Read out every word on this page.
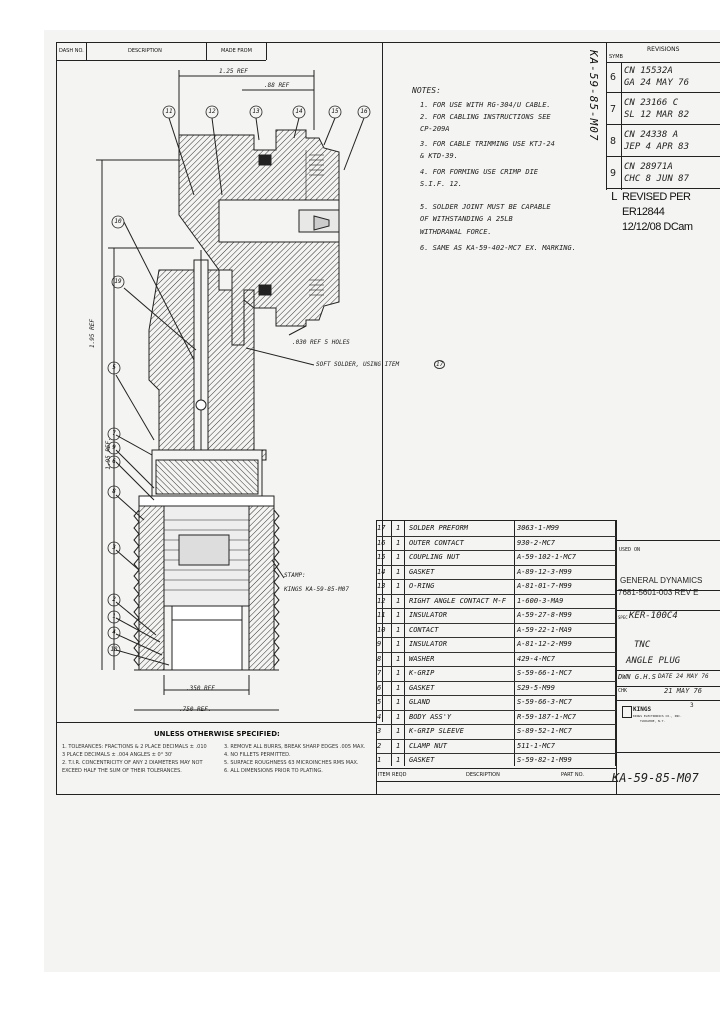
DASH NO.	DESCRIPTION	MADE FROM	KA-59-85-M07
REVISIONS
SYMB
6
CN 15532A
GA 24 MAY 76
7
CN 23166 C
SL 12 MAR 82
8
CN 24338 A
JEP 4 APR 83
9
CN 28971A
CHC 8 JUN 87
L REVISED PER
ER12844
12/12/08 DCam
NOTES:
1. FOR USE WITH RG-304/U CABLE.
2. FOR CABLING INSTRUCTIONS SEE
CP-209A
3. FOR CABLE TRIMMING USE KTJ-24
& KTD-39.
4. FOR FORMING USE CRIMP DIE
S.I.F. 12.
5. SOLDER JOINT MUST BE CAPABLE
OF WITHSTANDING A 25LB
WITHDRAWAL FORCE.
6. SAME AS KA-59-402-MC7 EX. MARKING.
11	12	13	14	15	16
10
19
5
7
9
6
8
3
2
1
4
18
1.25 REF
.88 REF
1.95 REF
1.95 REF.
.350 REF
.750 REF.
.030 REF 5 HOLES
SOFT SOLDER, USING ITEM	17
STAMP:
KINGS KA-59-85-M07
17 1 SOLDER PREFORM	3063-1-M99
16 1 OUTER CONTACT	930-2-MC7
15 1 COUPLING NUT	A-59-102-1-MC7
14 1 GASKET	A-89-12-3-M99
13 1 O-RING	A-81-01-7-M99
12 1 RIGHT ANGLE CONTACT M-F 1-600-3-MA9
11 1 INSULATOR	A-59-27-8-M99
10 1 CONTACT	A-59-22-1-MA9
9 1 INSULATOR	A-81-12-2-M99
8 1 WASHER	429-4-MC7
7 1 K-GRIP	S-59-66-1-MC7
6 1 GASKET	S29-5-M99
5 1 GLAND	S-59-66-3-MC7
4 1 BODY ASS'Y	R-59-187-1-MC7
3 1 K-GRIP SLEEVE	S-89-52-1-MC7
2 1 CLAMP NUT	511-1-MC7
1 1 GASKET	S-59-82-1-M99
ITEM REQD	DESCRIPTION	PART NO.
USED ON
GENERAL DYNAMICS
7681-5601-003 REV E
SPEC KER-100C4
TNC
ANGLE PLUG
DWN G.H.S DATE 24 MAY 76
CHK	21 MAY 76
KINGS
KINGS ELECTRONICS CO., INC.
TUCKAHOE, N.Y.
3
KA-59-85-M07
UNLESS OTHERWISE SPECIFIED:
1. TOLERANCES: FRACTIONS & 2 PLACE DECIMALS ± .010
3 PLACE DECIMALS ± .004 ANGLES ± 0° 30'
2. T.I.R. CONCENTRICITY OF ANY 2 DIAMETERS MAY NOT
EXCEED HALF THE SUM OF THEIR TOLERANCES.
3. REMOVE ALL BURRS, BREAK SHARP EDGES .005 MAX.
4. NO FILLETS PERMITTED.
5. SURFACE ROUGHNESS 63 MICROINCHES RMS MAX.
6. ALL DIMENSIONS PRIOR TO PLATING.
